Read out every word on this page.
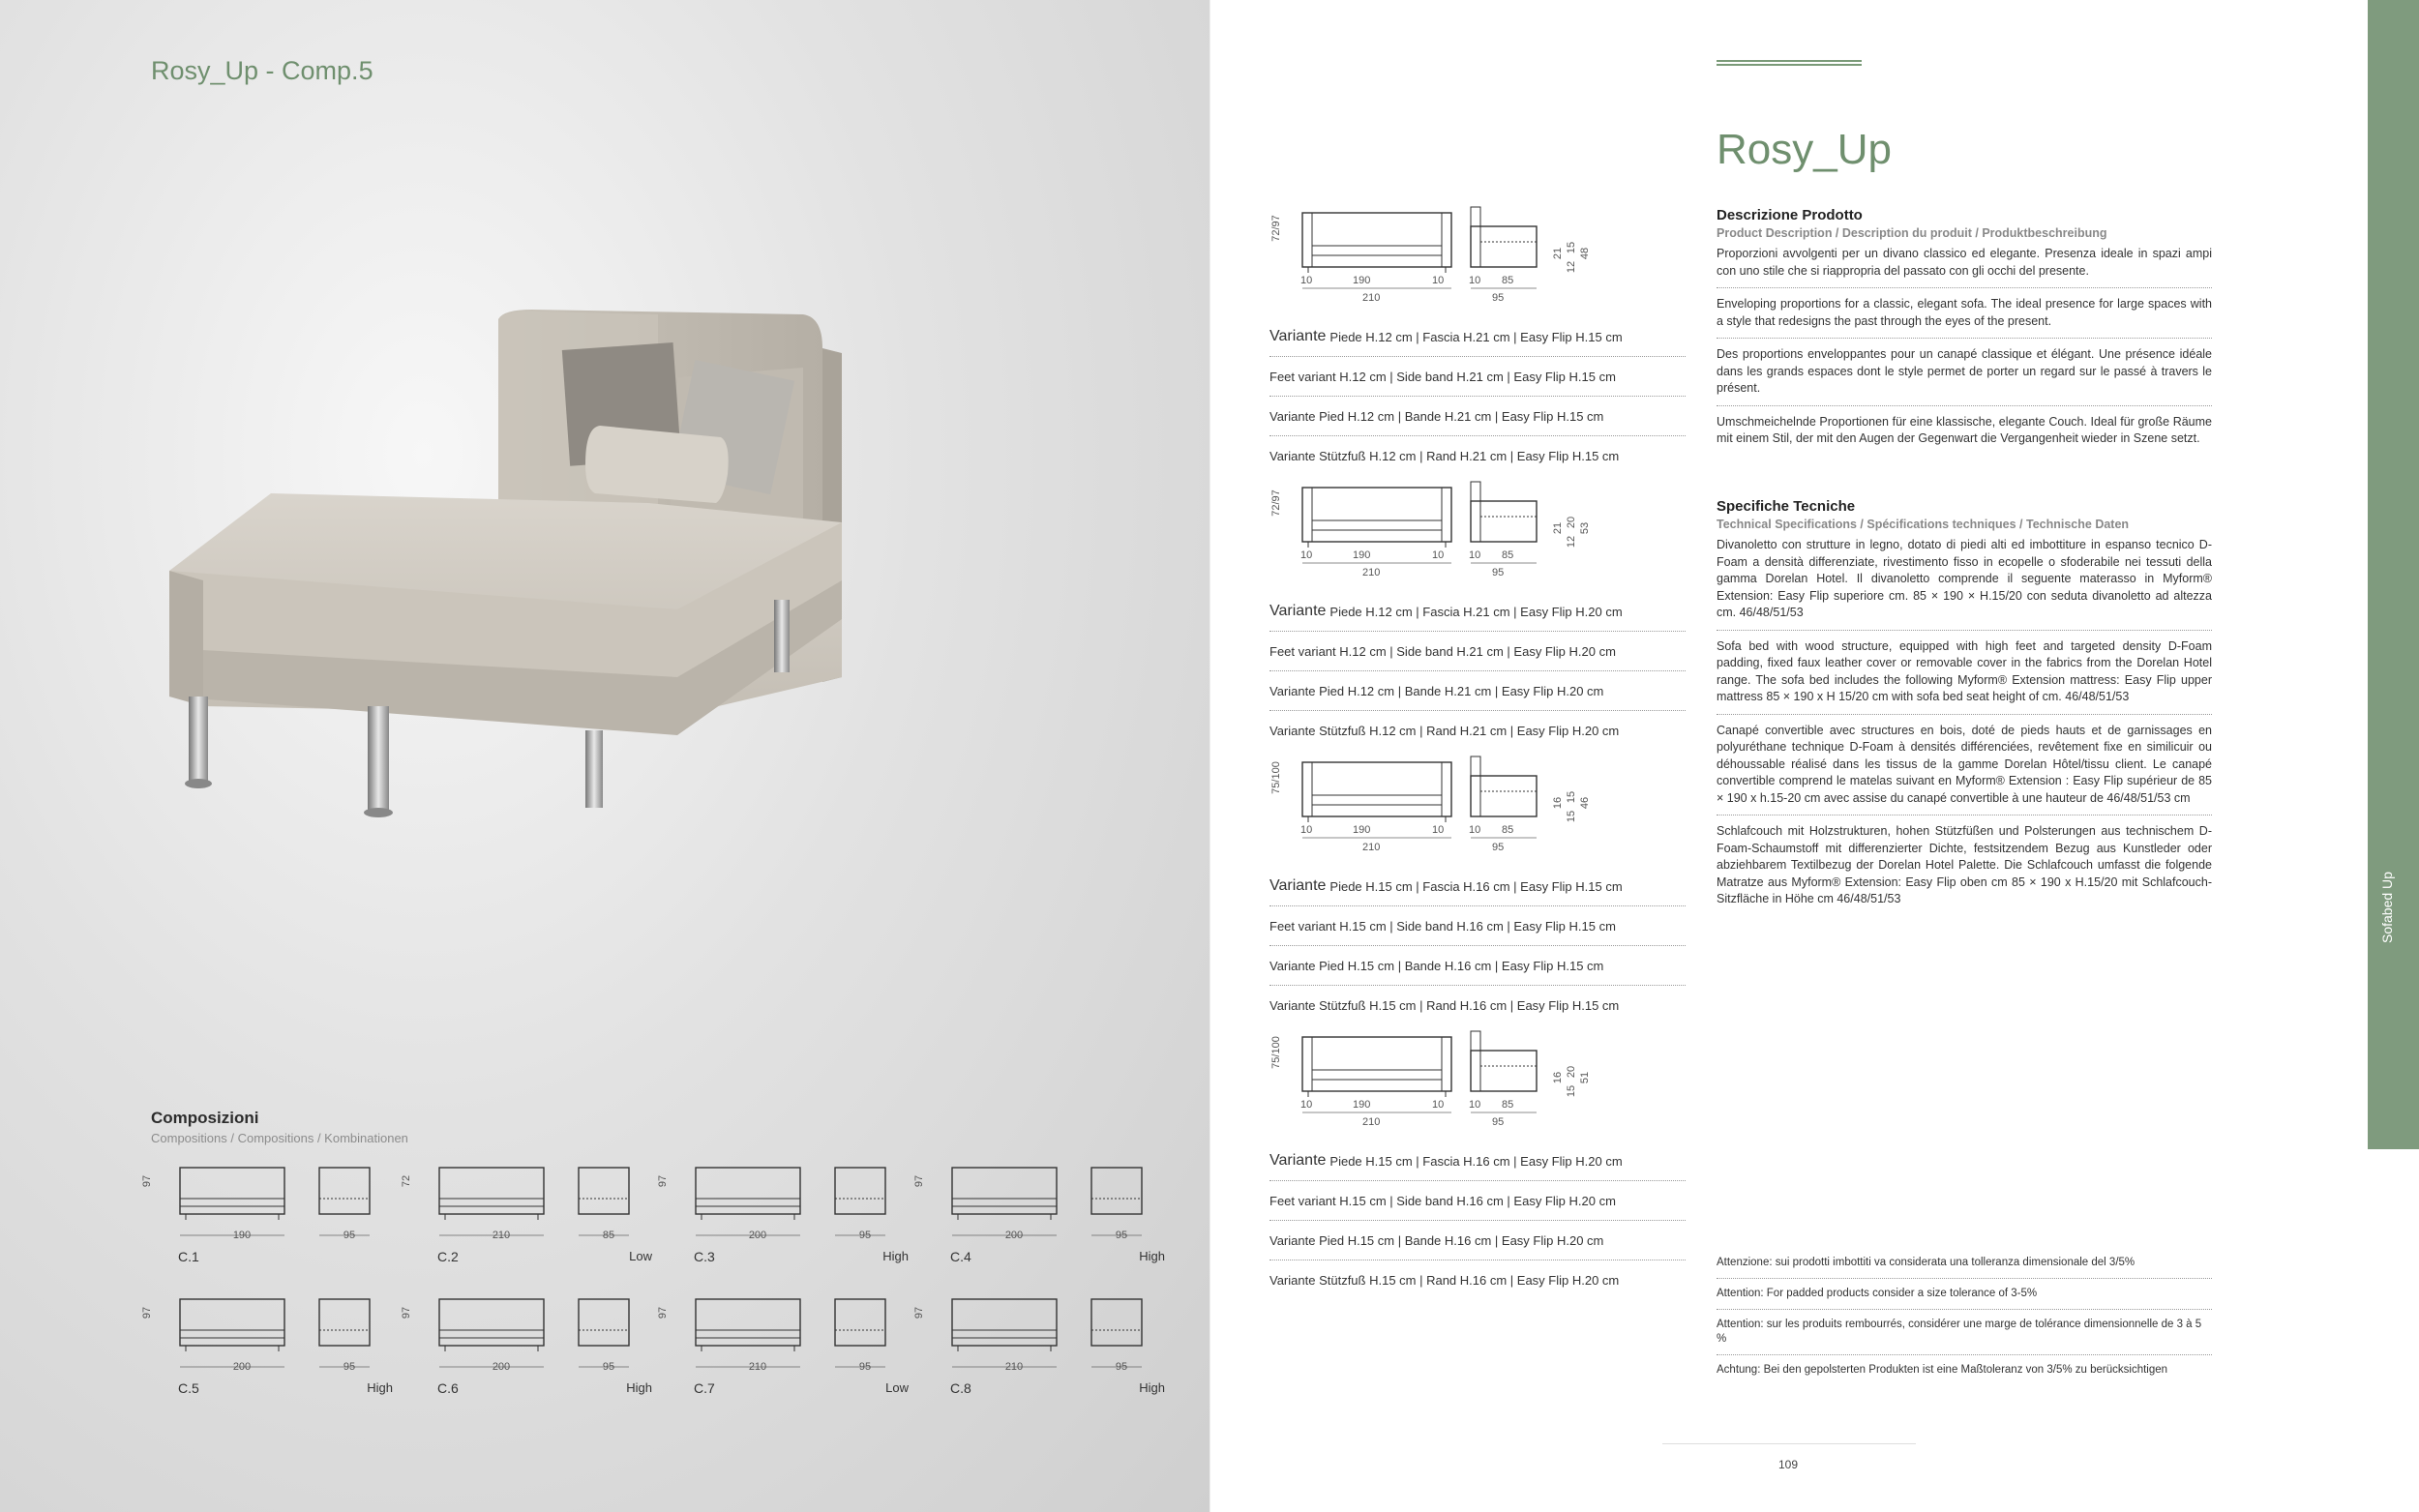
Rosy_Up - Comp.5
Composizioni
Compositions / Compositions / Kombinationen
97
190	95
C.1
72
210	85
C.2	Low
97
200	95
C.3	High
97
200	95
C.4	High
97
200	95
C.5	High
97
200	95
C.6	High
97
210	95
C.7	Low
97
210	95
C.8	High
72/97
10	190	10 10 85
210	95
21
12
15 48
Variante Piede H.12 cm | Fascia H.21 cm | Easy Flip H.15 cm
Feet variant H.12 cm | Side band H.21 cm | Easy Flip H.15 cm
Variante Pied H.12 cm | Bande H.21 cm | Easy Flip H.15 cm
Variante Stützfuß H.12 cm | Rand H.21 cm | Easy Flip H.15 cm
72/97
10	190	10 10 85
210	95
21
12
20 53
Variante Piede H.12 cm | Fascia H.21 cm | Easy Flip H.20 cm
Feet variant H.12 cm | Side band H.21 cm | Easy Flip H.20 cm
Variante Pied H.12 cm | Bande H.21 cm | Easy Flip H.20 cm
Variante Stützfuß H.12 cm | Rand H.21 cm | Easy Flip H.20 cm
75/100
10	190	10 10 85
210	95
16
15
15 46
Variante Piede H.15 cm | Fascia H.16 cm | Easy Flip H.15 cm
Feet variant H.15 cm | Side band H.16 cm | Easy Flip H.15 cm
Variante Pied H.15 cm | Bande H.16 cm | Easy Flip H.15 cm
Variante Stützfuß H.15 cm | Rand H.16 cm | Easy Flip H.15 cm
75/100
10	190	10 10 85
210	95
16
15
20 51
Variante Piede H.15 cm | Fascia H.16 cm | Easy Flip H.20 cm
Feet variant H.15 cm | Side band H.16 cm | Easy Flip H.20 cm
Variante Pied H.15 cm | Bande H.16 cm | Easy Flip H.20 cm
Variante Stützfuß H.15 cm | Rand H.16 cm | Easy Flip H.20 cm
Rosy_Up
Descrizione Prodotto
Product Description / Description du produit / Produktbeschreibung
Proporzioni avvolgenti per un divano classico ed elegante. Presenza ideale in spazi ampi con uno stile che si riappropria del passato con gli occhi del presente.
Enveloping proportions for a classic, elegant sofa. The ideal presence for large spaces with a style that redesigns the past through the eyes of the present.
Des proportions enveloppantes pour un canapé classique et élégant. Une présence idéale dans les grands espaces dont le style permet de porter un regard sur le passé à travers le présent.
Umschmeichelnde Proportionen für eine klassische, elegante Couch. Ideal für große Räume mit einem Stil, der mit den Augen der Gegenwart die Vergangenheit wieder in Szene setzt.
Specifiche Tecniche
Technical Specifications / Spécifications techniques / Technische Daten
Divanoletto con strutture in legno, dotato di piedi alti ed imbottiture in espanso tecnico D-Foam a densità differenziate, rivestimento fisso in ecopelle o sfoderabile nei tessuti della gamma Dorelan Hotel. Il divanoletto comprende il seguente materasso in Myform® Extension: Easy Flip superiore cm. 85 × 190 × H.15/20 con seduta divanoletto ad altezza cm. 46/48/51/53
Sofa bed with wood structure, equipped with high feet and targeted density D-Foam padding, fixed faux leather cover or removable cover in the fabrics from the Dorelan Hotel range. The sofa bed includes the following Myform® Extension mattress: Easy Flip upper mattress 85 × 190 x H 15/20 cm with sofa bed seat height of cm. 46/48/51/53
Canapé convertible avec structures en bois, doté de pieds hauts et de garnissages en polyuréthane technique D-Foam à densités différenciées, revêtement fixe en similicuir ou déhoussable réalisé dans les tissus de la gamme Dorelan Hôtel/tissu client. Le canapé convertible comprend le matelas suivant en Myform® Extension : Easy Flip supérieur de 85 × 190 x h.15-20 cm avec assise du canapé convertible à une hauteur de 46/48/51/53 cm
Schlafcouch mit Holzstrukturen, hohen Stützfüßen und Polsterungen aus technischem D-Foam-Schaumstoff mit differenzierter Dichte, festsitzendem Bezug aus Kunstleder oder abziehbarem Textilbezug der Dorelan Hotel Palette. Die Schlafcouch umfasst die folgende Matratze aus Myform® Extension: Easy Flip oben cm 85 × 190 x H.15/20 mit Schlafcouch-Sitzfläche in Höhe cm 46/48/51/53
Attenzione: sui prodotti imbottiti va considerata una tolleranza dimensionale del 3/5%
Attention: For padded products consider a size tolerance of 3-5%
Attention: sur les produits rembourrés, considérer une marge de tolérance dimensionnelle de 3 à 5 %
Achtung: Bei den gepolsterten Produkten ist eine Maßtoleranz von 3/5% zu berücksichtigen
109
Sofabed Up
